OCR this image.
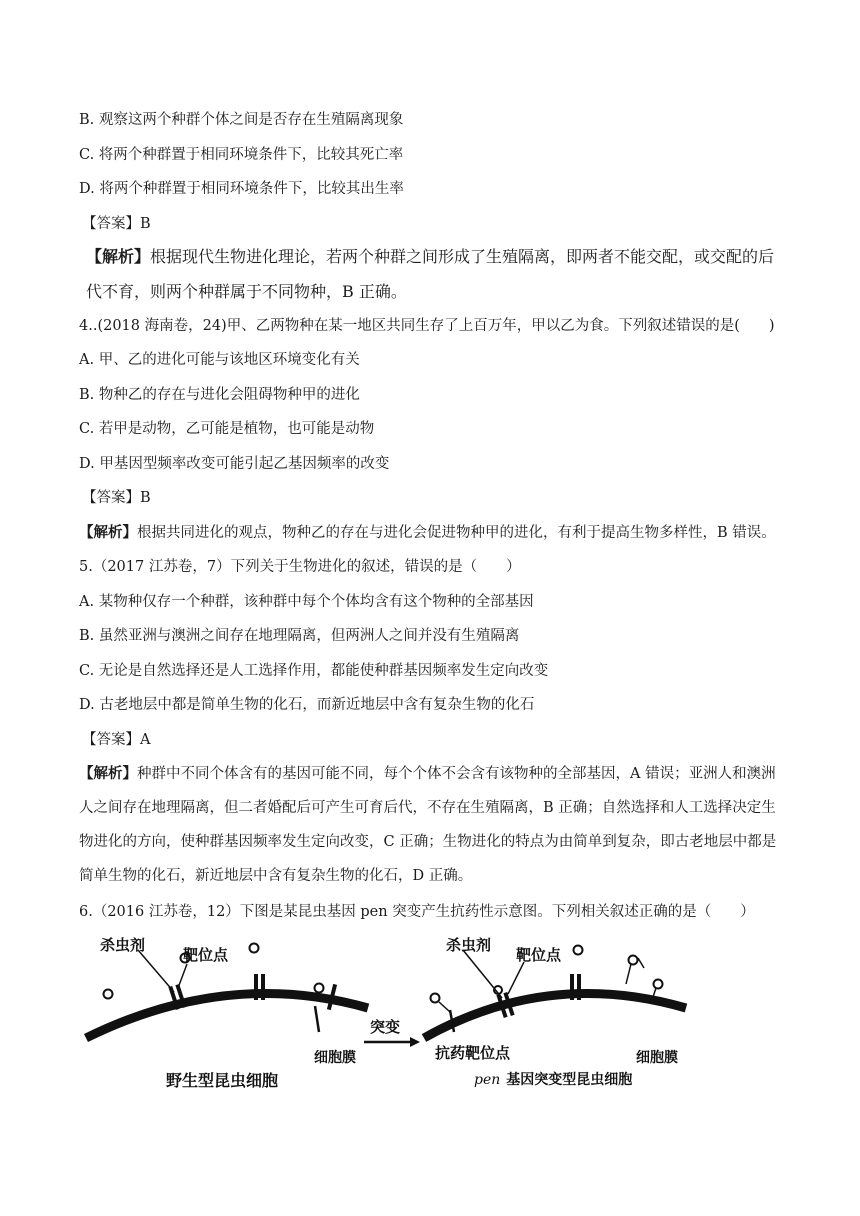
B. 观察这两个种群个体之间是否存在生殖隔离现象
C. 将两个种群置于相同环境条件下，比较其死亡率
D. 将两个种群置于相同环境条件下，比较其出生率
【答案】B
【解析】根据现代生物进化理论，若两个种群之间形成了生殖隔离，即两者不能交配，或交配的后代不育，则两个种群属于不同物种，B 正确。
4..(2018 海南卷，24)甲、乙两物种在某一地区共同生存了上百万年，甲以乙为食。下列叙述错误的是(　　)
A. 甲、乙的进化可能与该地区环境变化有关
B. 物种乙的存在与进化会阻碍物种甲的进化
C. 若甲是动物，乙可能是植物，也可能是动物
D. 甲基因型频率改变可能引起乙基因频率的改变
【答案】B
【解析】根据共同进化的观点，物种乙的存在与进化会促进物种甲的进化，有利于提高生物多样性，B 错误。
5.（2017 江苏卷，7）下列关于生物进化的叙述，错误的是（　　）
A. 某物种仅存一个种群，该种群中每个个体均含有这个物种的全部基因
B. 虽然亚洲与澳洲之间存在地理隔离，但两洲人之间并没有生殖隔离
C. 无论是自然选择还是人工选择作用，都能使种群基因频率发生定向改变
D. 古老地层中都是简单生物的化石，而新近地层中含有复杂生物的化石
【答案】A
【解析】种群中不同个体含有的基因可能不同，每个个体不会含有该物种的全部基因，A 错误；亚洲人和澳洲人之间存在地理隔离，但二者婚配后可产生可育后代，不存在生殖隔离，B 正确；自然选择和人工选择决定生物进化的方向，使种群基因频率发生定向改变，C 正确；生物进化的特点为由简单到复杂，即古老地层中都是简单生物的化石，新近地层中含有复杂生物的化石，D 正确。
6.（2016 江苏卷，12）下图是某昆虫基因 pen 突变产生抗药性示意图。下列相关叙述正确的是（　　）
杀虫剂
靶位点
细胞膜
野生型昆虫细胞
突变
杀虫剂
靶位点
抗药靶位点	细胞膜
pen 基因突变型昆虫细胞
